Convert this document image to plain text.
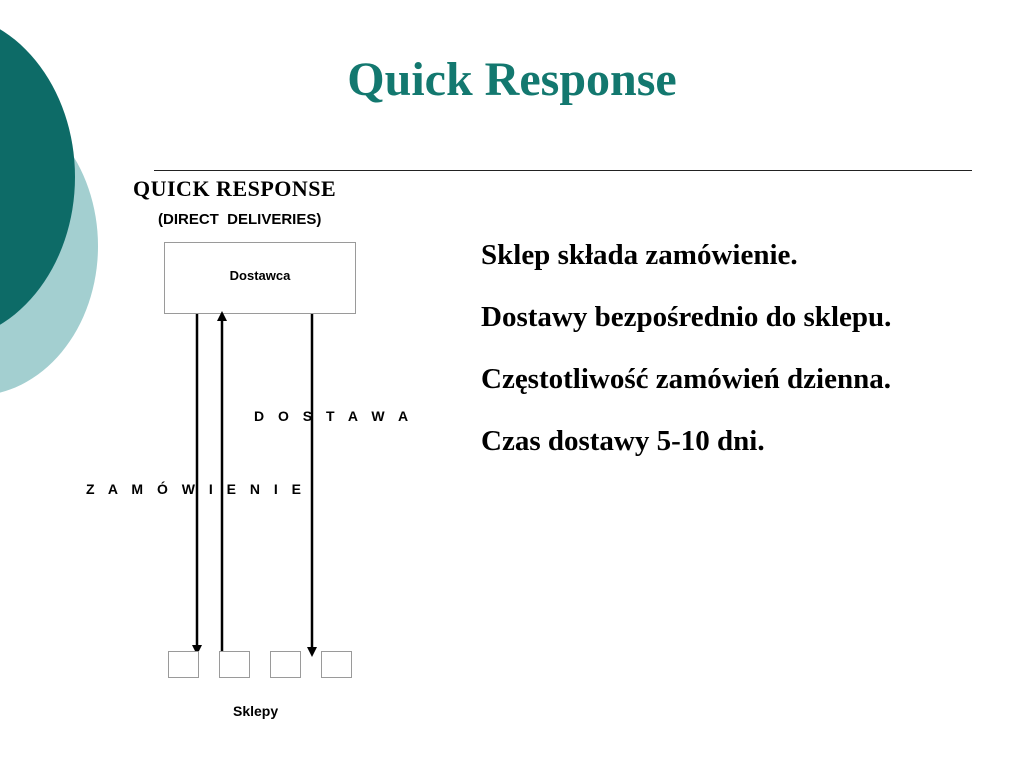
Quick Response
QUICK RESPONSE
(DIRECT  DELIVERIES)
Dostawca
D O S T A W A
Z A M Ó W I E N I E
Sklepy
Sklep składa zamówienie.
Dostawy bezpośrednio do sklepu.
Częstotliwość zamówień dzienna.
Czas dostawy 5-10 dni.
